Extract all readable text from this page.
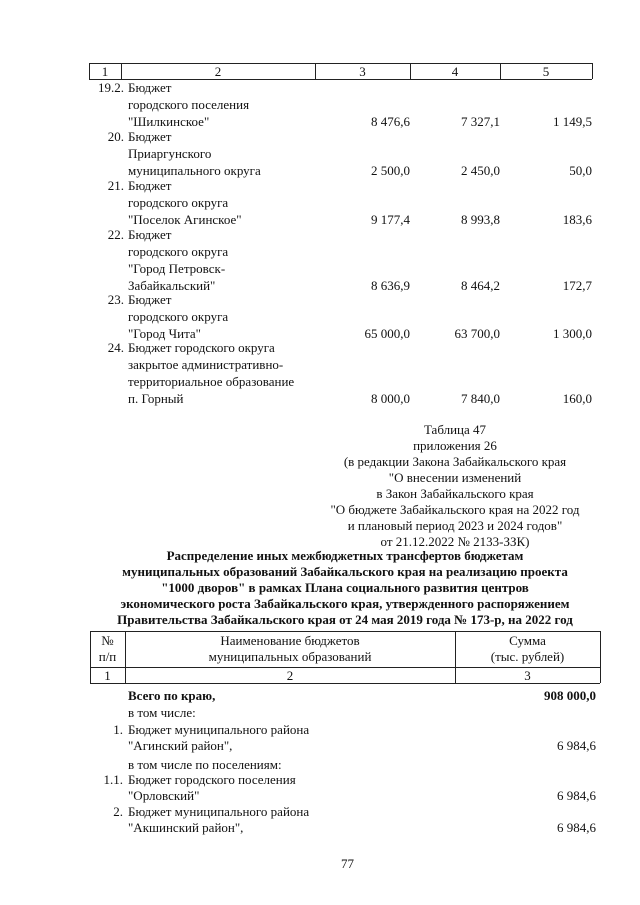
1	2	3	4	5
19.2. Бюджет
городского поселения
"Шилкинское"	8 476,6	7 327,1	1 149,5
20. Бюджет
Приаргунского
муниципального округа	2 500,0	2 450,0	50,0
21. Бюджет
городского округа
"Поселок Агинское"	9 177,4	8 993,8	183,6
22. Бюджет
городского округа
"Город Петровск-
Забайкальский"	8 636,9	8 464,2	172,7
23. Бюджет
городского округа
"Город Чита"	65 000,0	63 700,0	1 300,0
24. Бюджет городского округа
закрытое административно-
территориальное образование
п. Горный	8 000,0	7 840,0	160,0
Таблица 47
приложения 26
(в редакции Закона Забайкальского края
"О внесении изменений
в Закон Забайкальского края
"О бюджете Забайкальского края на 2022 год
и плановый период 2023 и 2024 годов"
от 21.12.2022 № 2133-ЗЗК)
Распределение иных межбюджетных трансфертов бюджетам
муниципальных образований Забайкальского края на реализацию проекта
"1000 дворов" в рамках Плана социального развития центров
экономического роста Забайкальского края, утвержденного распоряжением
Правительства Забайкальского края от 24 мая 2019 года № 173-р, на 2022 год
№
п/п
Наименование бюджетов
муниципальных образований
Сумма
(тыс. рублей)
1	2	3
Всего по краю,	908 000,0
в том числе:
1. Бюджет муниципального района
"Агинский район",	6 984,6
в том числе по поселениям:
1.1. Бюджет городского поселения
"Орловский"	6 984,6
2. Бюджет муниципального района
"Акшинский район",	6 984,6
77
